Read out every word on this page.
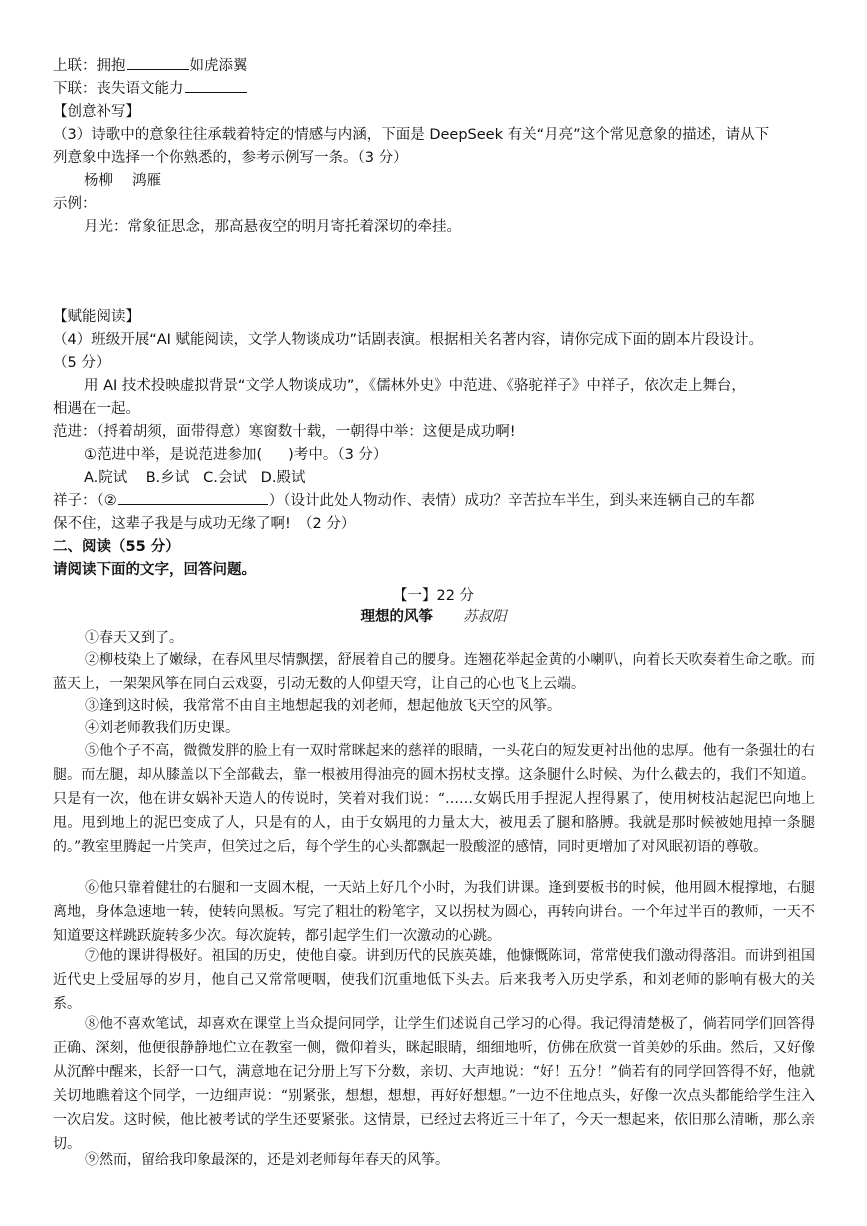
上联：拥抱	如虎添翼
下联：丧失语文能力
【创意补写】
（3）诗歌中的意象往往承载着特定的情感与内涵，下面是 DeepSeek 有关“月亮”这个常见意象的描述，请从下
列意象中选择一个你熟悉的，参考示例写一条。（3 分）
杨柳　 鸿雁
示例：
月光：常象征思念，那高悬夜空的明月寄托着深切的牵挂。
【赋能阅读】
（4）班级开展“AI 赋能阅读，文学人物谈成功”话剧表演。根据相关名著内容，请你完成下面的剧本片段设计。
（5 分）
用 AI 技术投映虚拟背景“文学人物谈成功”，《儒林外史》中范进、《骆驼祥子》中祥子，依次走上舞台，
相遇在一起。
范进：（捋着胡须，面带得意）寒窗数十载，一朝得中举：这便是成功啊!
①范进中举，是说范进参加( )考中。（3 分）
A.院试 B.乡试 C.会试 D.殿试
祥子：（②	）（设计此处人物动作、表情）成功？辛苦拉车半生，到头来连辆自己的车都
保不住，这辈子我是与成功无缘了啊!　（2 分）
二、阅读（55 分）
请阅读下面的文字，回答问题。
【一】22 分
理想的风筝 苏叔阳
①春天又到了。
②柳枝染上了嫩绿，在春风里尽情飘摆，舒展着自己的腰身。连翘花举起金黄的小喇叭，向着长天吹奏着生命之歌。而蓝天上，一架架风筝在同白云戏耍，引动无数的人仰望天穹，让自己的心也飞上云端。
③逢到这时候，我常常不由自主地想起我的刘老师，想起他放飞天空的风筝。
④刘老师教我们历史课。
⑤他个子不高，微微发胖的脸上有一双时常眯起来的慈祥的眼睛，一头花白的短发更衬出他的忠厚。他有一条强壮的右腿。而左腿，却从膝盖以下全部截去，靠一根被用得油亮的圆木拐杖支撑。这条腿什么时候、为什么截去的，我们不知道。只是有一次，他在讲女娲补天造人的传说时，笑着对我们说：“……女娲氏用手捏泥人捏得累了，使用树枝沾起泥巴向地上甩。甩到地上的泥巴变成了人，只是有的人，由于女娲甩的力量太大，被甩丢了腿和胳膊。我就是那时候被她甩掉一条腿的。”教室里腾起一片笑声，但笑过之后，每个学生的心头都飘起一股酸涩的感情，同时更增加了对风眠初语的尊敬。
⑥他只靠着健壮的右腿和一支圆木棍，一天站上好几个小时，为我们讲课。逢到要板书的时候，他用圆木棍撑地，右腿离地，身体急速地一转，使转向黑板。写完了粗壮的粉笔字，又以拐杖为圆心，再转向讲台。一个年过半百的教师，一天不知道要这样跳跃旋转多少次。每次旋转，都引起学生们一次激动的心跳。
⑦他的课讲得极好。祖国的历史，使他自豪。讲到历代的民族英雄，他慷慨陈词，常常使我们激动得落泪。而讲到祖国近代史上受屈辱的岁月，他自己又常常哽咽，使我们沉重地低下头去。后来我考入历史学系，和刘老师的影响有极大的关系。
⑧他不喜欢笔试，却喜欢在课堂上当众提问同学，让学生们述说自己学习的心得。我记得清楚极了，倘若同学们回答得正确、深刻，他便很静静地伫立在教室一侧，微仰着头，眯起眼睛，细细地听，仿佛在欣赏一首美妙的乐曲。然后，又好像从沉醉中醒来，长舒一口气，满意地在记分册上写下分数，亲切、大声地说：“好！五分！”倘若有的同学回答得不好，他就关切地瞧着这个同学，一边细声说：“别紧张，想想，想想，再好好想想。”一边不住地点头，好像一次点头都能给学生注入一次启发。这时候，他比被考试的学生还要紧张。这情景，已经过去将近三十年了，今天一想起来，依旧那么清晰，那么亲切。
⑨然而，留给我印象最深的，还是刘老师每年春天的风筝。
